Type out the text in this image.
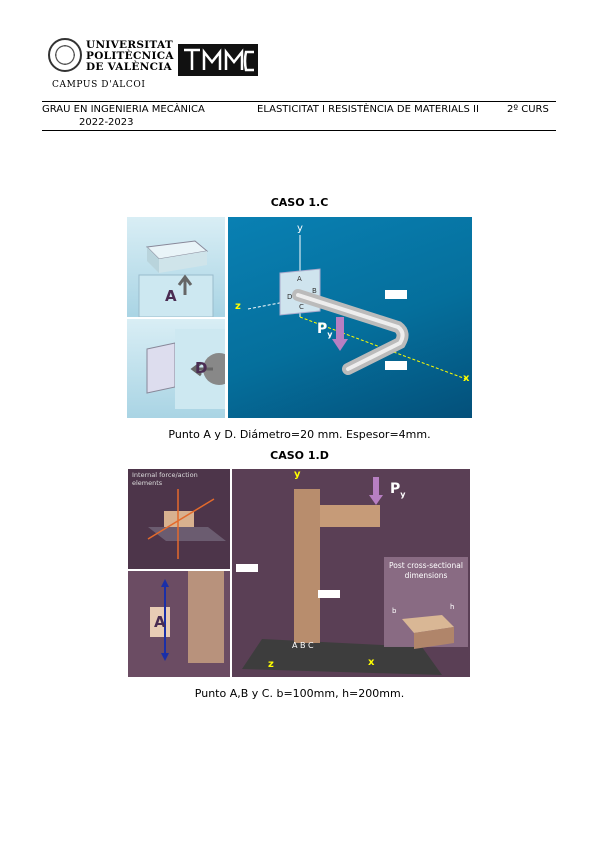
UNIVERSITAT
POLITÈCNICA
DE VALÈNCIA
CAMPUS D'ALCOI
GRAU EN INGENIERIA MECÀNICA
2022-2023
ELASTICITAT I RESISTÈNCIA DE MATERIALS II	2º CURS
CASO 1.C
A
D
y
z
x
A
B
C
D
$P_y$
Punto A y D. Diámetro=20 mm. Espesor=4mm.
CASO 1.D
Internal force/action elements
A
y
z	x
A B C
$P_y$
Post cross-sectional dimensions
b	h
Punto A,B y C. b=100mm, h=200mm.
